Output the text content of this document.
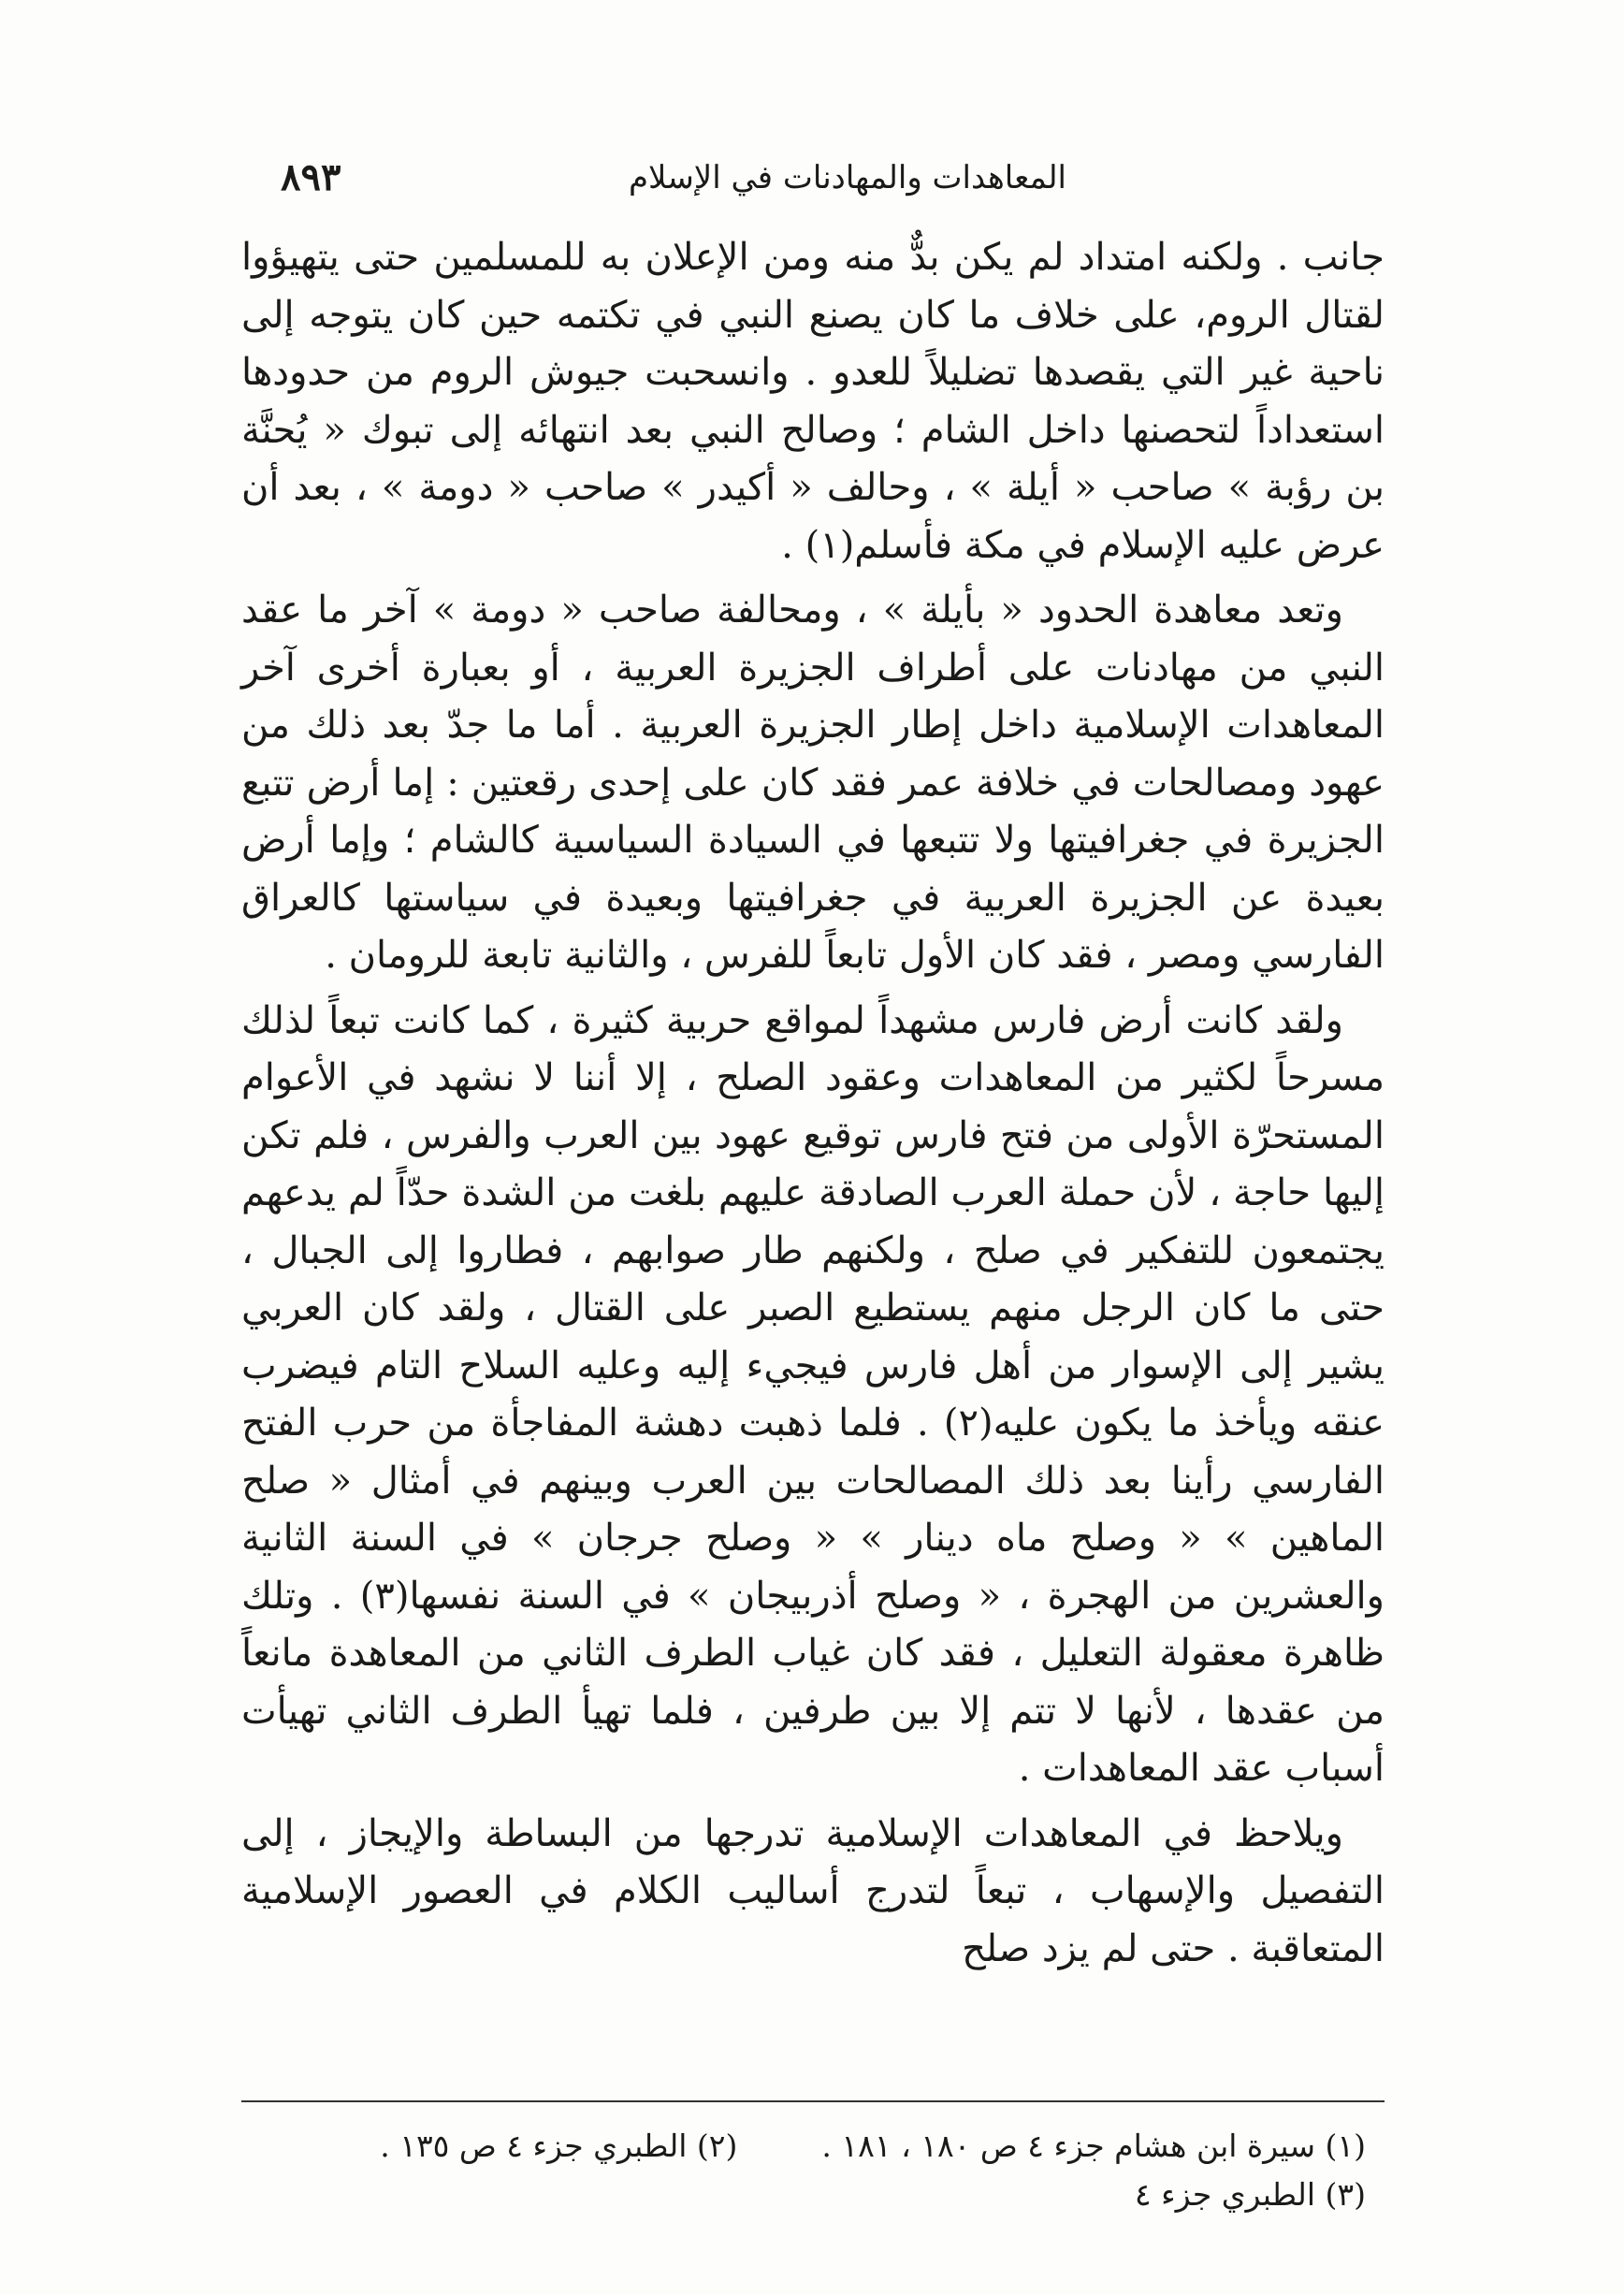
المعاهدات والمهادنات في الإسلام
٨٩٣

جانب . ولكنه امتداد لم يكن بدٌّ منه ومن الإعلان به للمسلمين حتى يتهيؤوا لقتال الروم، على خلاف ما كان يصنع النبي في تكتمه حين كان يتوجه إلى ناحية غير التي يقصدها تضليلاً للعدو . وانسحبت جيوش الروم من حدودها استعداداً لتحصنها داخل الشام ؛ وصالح النبي بعد انتهائه إلى تبوك « يُحنَّة بن رؤبة » صاحب « أيلة » ، وحالف « أكيدر » صاحب « دومة » ، بعد أن عرض عليه الإسلام في مكة فأسلم(١) .

وتعد معاهدة الحدود « بأيلة » ، ومحالفة صاحب « دومة » آخر ما عقد النبي من مهادنات على أطراف الجزيرة العربية ، أو بعبارة أخرى آخر المعاهدات الإسلامية داخل إطار الجزيرة العربية . أما ما جدّ بعد ذلك من عهود ومصالحات في خلافة عمر فقد كان على إحدى رقعتين : إما أرض تتبع الجزيرة في جغرافيتها ولا تتبعها في السيادة السياسية كالشام ؛ وإما أرض بعيدة عن الجزيرة العربية في جغرافيتها وبعيدة في سياستها كالعراق الفارسي ومصر ، فقد كان الأول تابعاً للفرس ، والثانية تابعة للرومان .

ولقد كانت أرض فارس مشهداً لمواقع حربية كثيرة ، كما كانت تبعاً لذلك مسرحاً لكثير من المعاهدات وعقود الصلح ، إلا أننا لا نشهد في الأعوام المستحرّة الأولى من فتح فارس توقيع عهود بين العرب والفرس ، فلم تكن إليها حاجة ، لأن حملة العرب الصادقة عليهم بلغت من الشدة حدّاً لم يدعهم يجتمعون للتفكير في صلح ، ولكنهم طار صوابهم ، فطاروا إلى الجبال ، حتى ما كان الرجل منهم يستطيع الصبر على القتال ، ولقد كان العربي يشير إلى الإسوار من أهل فارس فيجيء إليه وعليه السلاح التام فيضرب عنقه ويأخذ ما يكون عليه(٢) . فلما ذهبت دهشة المفاجأة من حرب الفتح الفارسي رأينا بعد ذلك المصالحات بين العرب وبينهم في أمثال « صلح الماهين » « وصلح ماه دينار » « وصلح جرجان » في السنة الثانية والعشرين من الهجرة ، « وصلح أذربيجان » في السنة نفسها(٣) . وتلك ظاهرة معقولة التعليل ، فقد كان غياب الطرف الثاني من المعاهدة مانعاً من عقدها ، لأنها لا تتم إلا بين طرفين ، فلما تهيأ الطرف الثاني تهيأت أسباب عقد المعاهدات .

ويلاحظ في المعاهدات الإسلامية تدرجها من البساطة والإيجاز ، إلى التفصيل والإسهاب ، تبعاً لتدرج أساليب الكلام في العصور الإسلامية المتعاقبة . حتى لم يزد صلح

(١) سيرة ابن هشام جزء ٤ ص ١٨٠ ، ١٨١ .
(٢) الطبري جزء ٤ ص ١٣٥ .
(٣) الطبري جزء ٤
